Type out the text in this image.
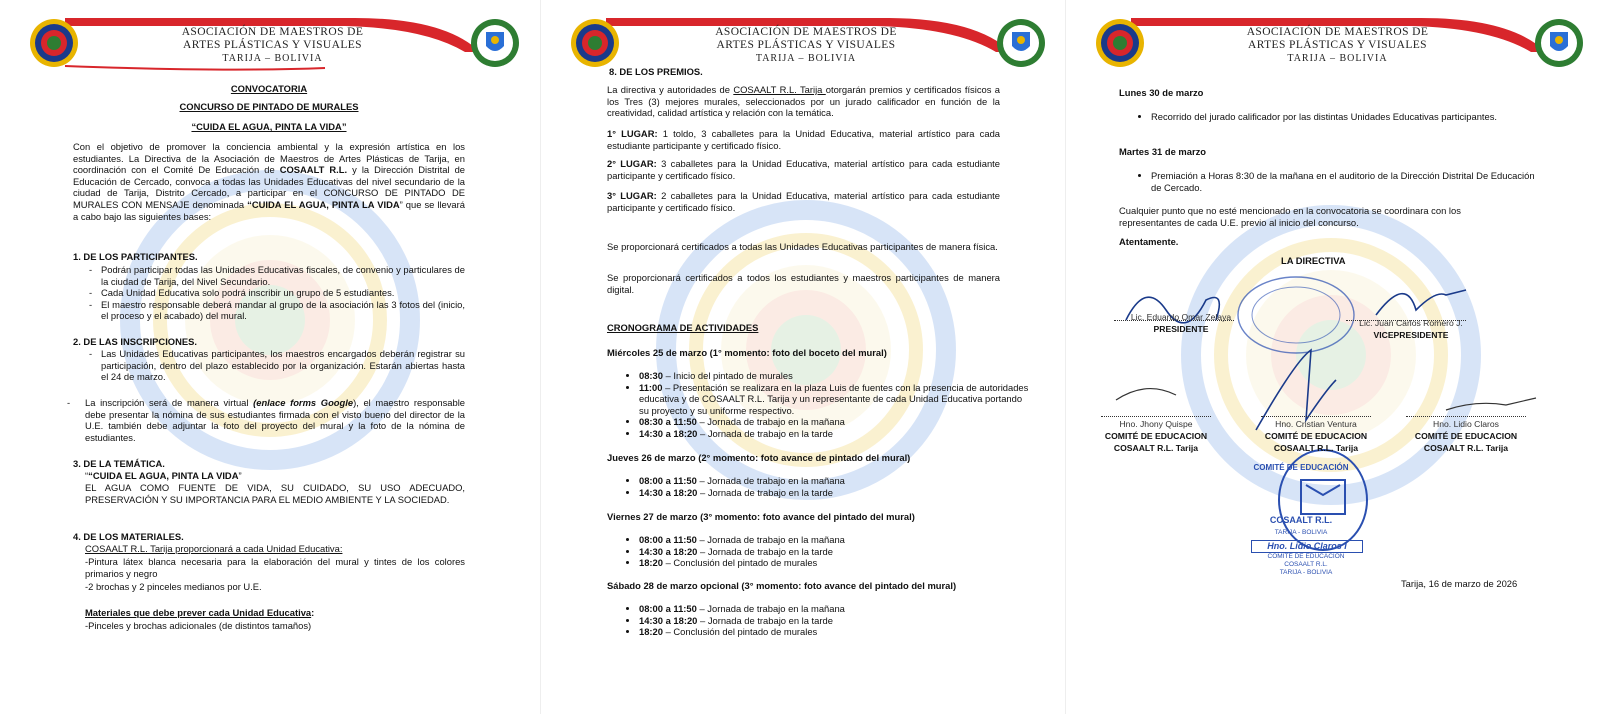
ASOCIACIÓN DE MAESTROS DE
ARTES PLÁSTICAS Y VISUALES
TARIJA – BOLIVIA
CONVOCATORIA
CONCURSO DE PINTADO DE MURALES
“CUIDA EL AGUA, PINTA LA VIDA”
Con el objetivo de promover la conciencia ambiental y la expresión artística en los estudiantes. La Directiva de la Asociación de Maestros de Artes Plásticas de Tarija, en coordinación con el Comité De Educación de COSAALT R.L. y la Dirección Distrital de Educación de Cercado, convoca a todas las Unidades Educativas del nivel secundario de la ciudad de Tarija, Distrito Cercado, a participar en el CONCURSO DE PINTADO DE MURALES CON MENSAJE denominada “CUIDA EL AGUA, PINTA LA VIDA” que se llevará a cabo bajo las siguientes bases:
1. DE LOS PARTICIPANTES.
- Podrán participar todas las Unidades Educativas fiscales, de convenio y particulares de la ciudad de Tarija, del Nivel Secundario.
- Cada Unidad Educativa solo podrá inscribir un grupo de 5 estudiantes.
- El maestro responsable deberá mandar al grupo de la asociación las 3 fotos del (inicio, el proceso y el acabado) del mural.
2. DE LAS INSCRIPCIONES.
- Las Unidades Educativas participantes, los maestros encargados deberán registrar su participación, dentro del plazo establecido por la organización. Estarán abiertas hasta el 24 de marzo.
- La inscripción será de manera virtual (enlace forms Google), el maestro responsable debe presentar la nómina de sus estudiantes firmada con el visto bueno del director de la U.E. también debe adjuntar la foto del proyecto del mural y la foto de la nómina de estudiantes.
3. DE LA TEMÁTICA.
““CUIDA EL AGUA, PINTA LA VIDA”
EL AGUA COMO FUENTE DE VIDA, SU CUIDADO, SU USO ADECUADO, PRESERVACIÓN Y SU IMPORTANCIA PARA EL MEDIO AMBIENTE Y LA SOCIEDAD.
4. DE LOS MATERIALES.
COSAALT R.L. Tarija proporcionará a cada Unidad Educativa:
-Pintura látex blanca necesaria para la elaboración del mural y tintes de los colores primarios y negro
-2 brochas y 2 pinceles medianos por U.E.
Materiales que debe prever cada Unidad Educativa:
-Pinceles y brochas adicionales (de distintos tamaños)
ASOCIACIÓN DE MAESTROS DE
ARTES PLÁSTICAS Y VISUALES
TARIJA – BOLIVIA
8. DE LOS PREMIOS.
La directiva y autoridades de COSAALT R.L. Tarija otorgarán premios y certificados físicos a los Tres (3) mejores murales, seleccionados por un jurado calificador en función de la creatividad, calidad artística y relación con la temática.
1° LUGAR: 1 toldo, 3 caballetes para la Unidad Educativa, material artístico para cada estudiante participante y certificado físico.
2° LUGAR: 3 caballetes para la Unidad Educativa, material artístico para cada estudiante participante y certificado físico.
3° LUGAR: 2 caballetes para la Unidad Educativa, material artístico para cada estudiante participante y certificado físico.
Se proporcionará certificados a todas las Unidades Educativas participantes de manera física.
Se proporcionará certificados a todos los estudiantes y maestros participantes de manera digital.
CRONOGRAMA DE ACTIVIDADES
Miércoles 25 de marzo (1° momento: foto del boceto del mural)
• 08:30 – Inicio del pintado de murales
• 11:00 – Presentación se realizara en la plaza Luis de fuentes con la presencia de autoridades educativa y de COSAALT R.L. Tarija y un representante de cada Unidad Educativa portando su proyecto y su uniforme respectivo.
• 08:30 a 11:50 – Jornada de trabajo en la mañana
• 14:30 a 18:20 – Jornada de trabajo en la tarde
Jueves 26 de marzo (2° momento: foto avance de pintado del mural)
• 08:00 a 11:50 – Jornada de trabajo en la mañana
• 14:30 a 18:20 – Jornada de trabajo en la tarde
Viernes 27 de marzo (3° momento: foto avance del pintado del mural)
• 08:00 a 11:50 – Jornada de trabajo en la mañana
• 14:30 a 18:20 – Jornada de trabajo en la tarde
• 18:20 – Conclusión del pintado de murales
Sábado 28 de marzo opcional (3° momento: foto avance del pintado del mural)
• 08:00 a 11:50 – Jornada de trabajo en la mañana
• 14:30 a 18:20 – Jornada de trabajo en la tarde
• 18:20 – Conclusión del pintado de murales
ASOCIACIÓN DE MAESTROS DE
ARTES PLÁSTICAS Y VISUALES
TARIJA – BOLIVIA
Lunes 30 de marzo
• Recorrido del jurado calificador por las distintas Unidades Educativas participantes.
Martes 31 de marzo
• Premiación a Horas 8:30 de la mañana en el auditorio de la Dirección Distrital De Educación de Cercado.
Cualquier punto que no esté mencionado en la convocatoria se coordinara con los representantes de cada U.E. previo al inicio del concurso.
Atentamente.
LA DIRECTIVA
Lic. Eduardo Omar Zelaya
PRESIDENTE
Lic. Juan Carlos Romero J.
VICEPRESIDENTE
Hno. Jhony Quispe
COMITÉ DE EDUCACION
COSAALT R.L. Tarija
Hno. Cristian Ventura
COMITÉ DE EDUCACION
COSAALT R.L. Tarija
Hno. Lidio Claros
COMITÉ DE EDUCACION
COSAALT R.L. Tarija
COMITÉ DE EDUCACIÓN
COSAALT R.L.
TARIJA - BOLIVIA
Hno. Lidio Claros I
COMITÉ DE EDUCACIÓN
COSAALT R.L.
TARIJA - BOLIVIA
Tarija, 16 de marzo de 2026
